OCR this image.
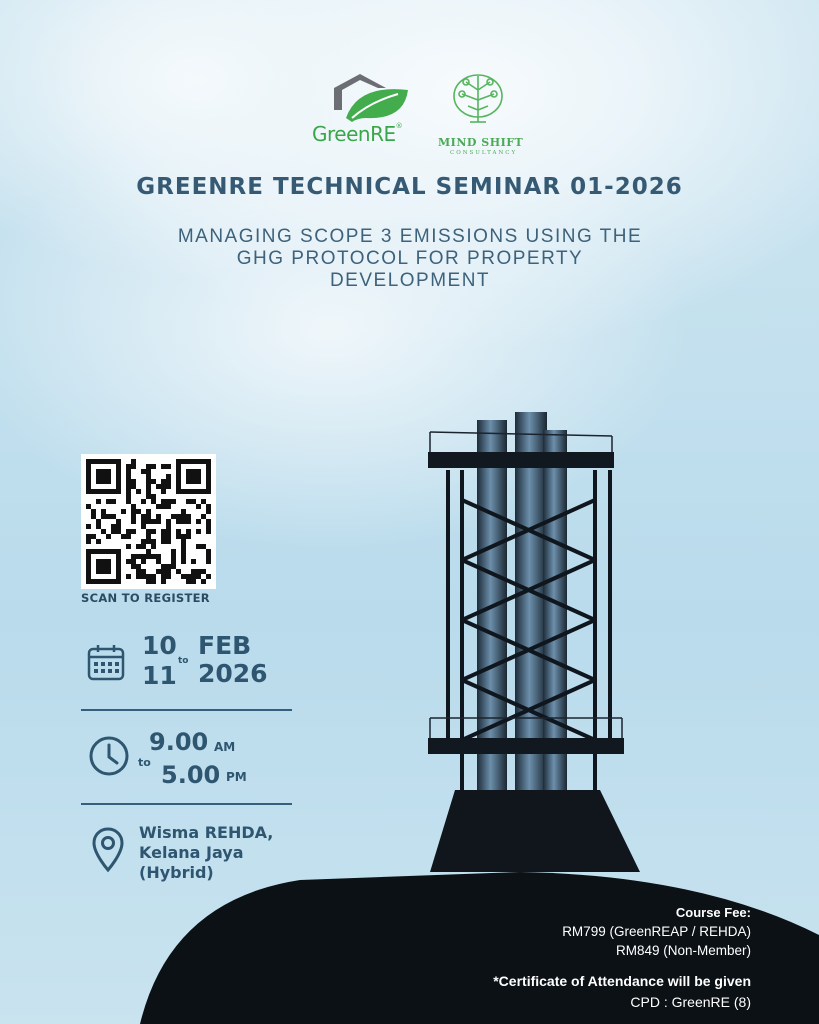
GreenRE®
MIND SHIFT
CONSULTANCY
GREENRE TECHNICAL SEMINAR 01-2026
MANAGING SCOPE 3 EMISSIONS USING THE
GHG PROTOCOL FOR PROPERTY
DEVELOPMENT
SCAN TO REGISTER
10
11 to
FEB
2026
9.00 AM
to 5.00 PM
Wisma REHDA,
Kelana Jaya
(Hybrid)
Course Fee:
RM799 (GreenREAP / REHDA)
RM849 (Non-Member)
*Certificate of Attendance will be given
CPD : GreenRE (8)
